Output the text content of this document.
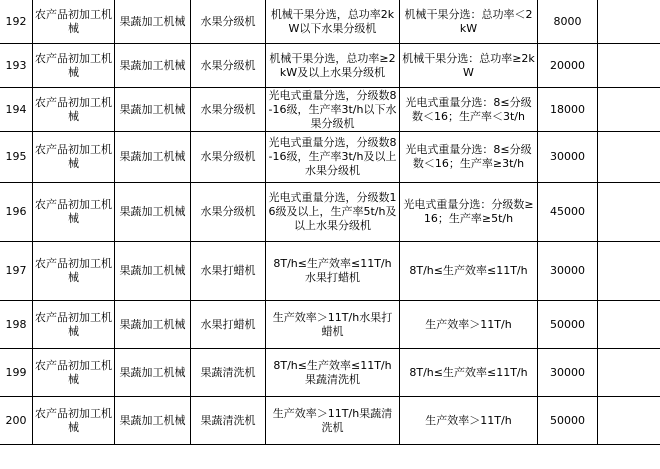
192	农产品初加工机械	果蔬加工机械	水果分级机	机械干果分选，总功率2kW以下水果分级机	机械干果分选：总功率＜2kW	8000	
193	农产品初加工机械	果蔬加工机械	水果分级机	机械干果分选，总功率≥2kW及以上水果分级机	机械干果分选：总功率≥2kW	20000	
194	农产品初加工机械	果蔬加工机械	水果分级机	光电式重量分选，分级数8-16级，生产率3t/h以下水果分级机	光电式重量分选：8≤分级数＜16；生产率＜3t/h	18000	
195	农产品初加工机械	果蔬加工机械	水果分级机	光电式重量分选，分级数8-16级，生产率3t/h及以上水果分级机	光电式重量分选：8≤分级数＜16；生产率≥3t/h	30000	
196	农产品初加工机械	果蔬加工机械	水果分级机	光电式重量分选，分级数16级及以上，生产率5t/h及以上水果分级机	光电式重量分选：分级数≥16；生产率≥5t/h	45000	
197	农产品初加工机械	果蔬加工机械	水果打蜡机	8T/h≤生产效率≤11T/h水果打蜡机	8T/h≤生产效率≤11T/h	30000	
198	农产品初加工机械	果蔬加工机械	水果打蜡机	生产效率＞11T/h水果打蜡机	生产效率＞11T/h	50000	
199	农产品初加工机械	果蔬加工机械	果蔬清洗机	8T/h≤生产效率≤11T/h果蔬清洗机	8T/h≤生产效率≤11T/h	30000	
200	农产品初加工机械	果蔬加工机械	果蔬清洗机	生产效率＞11T/h果蔬清洗机	生产效率＞11T/h	50000	
